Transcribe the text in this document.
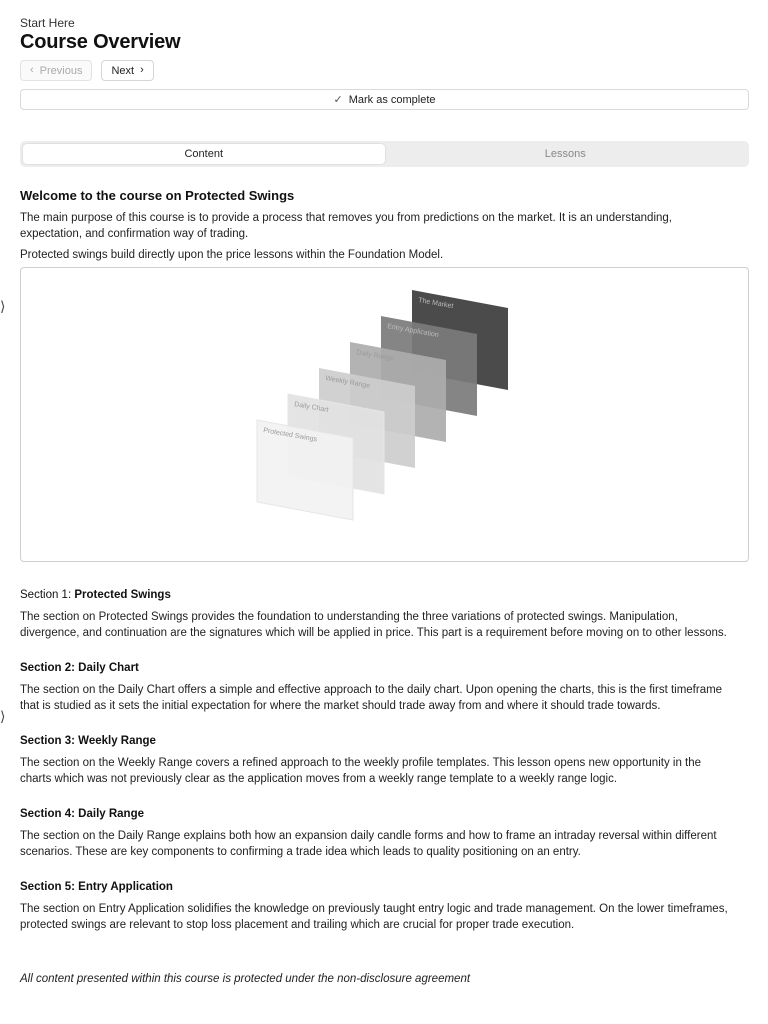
Start Here
Course Overview
‹ Previous	Next ›
✓ Mark as complete
Content	Lessons
Welcome to the course on Protected Swings
The main purpose of this course is to provide a process that removes you from predictions on the market. It is an understanding, expectation, and confirmation way of trading.
Protected swings build directly upon the price lessons within the Foundation Model.
⟩	The Market
Entry Application
Daily Range
Weekly Range
Daily Chart
Protected Swings
Section 1: Protected Swings
The section on Protected Swings provides the foundation to understanding the three variations of protected swings. Manipulation, divergence, and continuation are the signatures which will be applied in price. This part is a requirement before moving on to other lessons.
Section 2: Daily Chart
The section on the Daily Chart offers a simple and effective approach to the daily chart. Upon opening the charts, this is the first timeframe that is studied as it sets the initial expectation for where the market should trade away from and where it should trade towards.
Section 3: Weekly Range
The section on the Weekly Range covers a refined approach to the weekly profile templates. This lesson opens new opportunity in the charts which was not previously clear as the application moves from a weekly range template to a weekly range logic.
Section 4: Daily Range
The section on the Daily Range explains both how an expansion daily candle forms and how to frame an intraday reversal within different scenarios. These are key components to confirming a trade idea which leads to quality positioning on an entry.
Section 5: Entry Application
The section on Entry Application solidifies the knowledge on previously taught entry logic and trade management. On the lower timeframes, protected swings are relevant to stop loss placement and trailing which are crucial for proper trade execution.
⟩
All content presented within this course is protected under the non-disclosure agreement
